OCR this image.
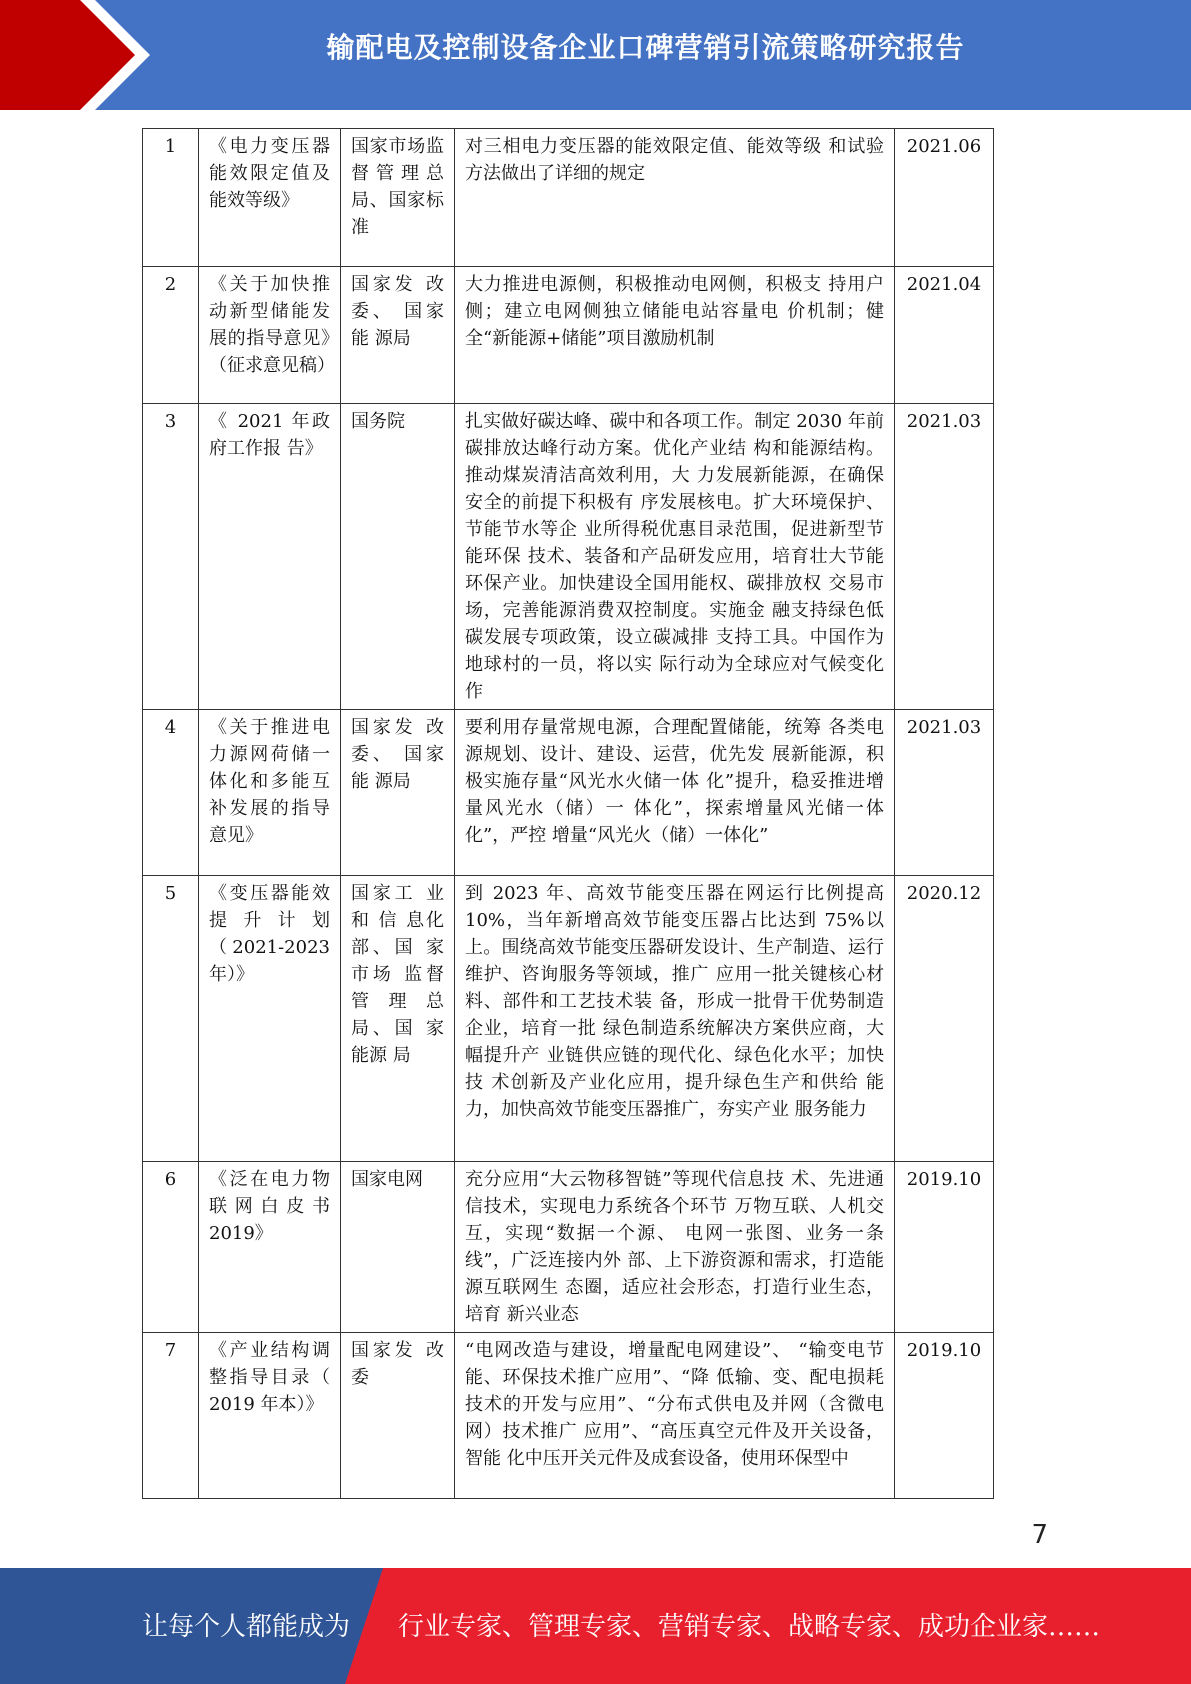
输配电及控制设备企业口碑营销引流策略研究报告
1	《电力变压器能效限定值及能效等级》	国家市场监督管理总局、国家标准	对三相电力变压器的能效限定值、能效等级 和试验方法做出了详细的规定	2021.06
2	《关于加快推动新型储能发展的指导意见》（征求意见稿）	国家发 改委、 国家能 源局	大力推进电源侧，积极推动电网侧，积极支 持用户侧；建立电网侧独立储能电站容量电 价机制；健全“新能源+储能”项目激励机制	2021.04
3	《 2021 年政府工作报 告》	国务院	扎实做好碳达峰、碳中和各项工作。制定 2030 年前碳排放达峰行动方案。优化产业结 构和能源结构。推动煤炭清洁高效利用，大 力发展新能源，在确保安全的前提下积极有 序发展核电。扩大环境保护、节能节水等企 业所得税优惠目录范围，促进新型节能环保 技术、装备和产品研发应用，培育壮大节能 环保产业。加快建设全国用能权、碳排放权 交易市场，完善能源消费双控制度。实施金 融支持绿色低碳发展专项政策，设立碳减排 支持工具。中国作为地球村的一员，将以实 际行动为全球应对气候变化作	2021.03
4	《关于推进电力源网荷储一体化和多能互补发展的指导意见》	国家发 改委、 国家能 源局	要利用存量常规电源，合理配置储能，统筹 各类电源规划、设计、建设、运营，优先发 展新能源，积极实施存量“风光水火储一体 化”提升，稳妥推进增量风光水（储）一 体化”，探索增量风光储一体化”，严控 增量“风光火（储）一体化”	2021.03
5	《变压器能效提升计划（2021-2023 年）》	国家工 业和 信 息化部、国 家市场 监督管 理 总局、国 家能源 局	到 2023 年、高效节能变压器在网运行比例提高 10%，当年新增高效节能变压器占比达到 75%以上。围绕高效节能变压器研发设计、生产制造、运行维护、咨询服务等领域，推广 应用一批关键核心材料、部件和工艺技术装 备，形成一批骨干优势制造企业，培育一批 绿色制造系统解决方案供应商，大幅提升产 业链供应链的现代化、绿色化水平；加快技 术创新及产业化应用，提升绿色生产和供给 能力，加快高效节能变压器推广，夯实产业 服务能力	2020.12
6	《泛在电力物联网白皮书2019》	国家电网	充分应用“大云物移智链”等现代信息技 术、先进通信技术，实现电力系统各个环节 万物互联、人机交互，实现“数据一个源、 电网一张图、业务一条线”，广泛连接内外 部、上下游资源和需求，打造能源互联网生 态圈，适应社会形态，打造行业生态，培育 新兴业态	2019.10
7	《产业结构调整指导目录（ 2019 年本）》	国家发 改委	“电网改造与建设，增量配电网建设”、 “输变电节能、环保技术推广应用”、“降 低输、变、配电损耗技术的开发与应用”、“分布式供电及并网（含微电网）技术推广 应用”、“高压真空元件及开关设备，智能 化中压开关元件及成套设备，使用环保型中	2019.10
7
让每个人都能成为 行业专家、管理专家、营销专家、战略专家、成功企业家……
